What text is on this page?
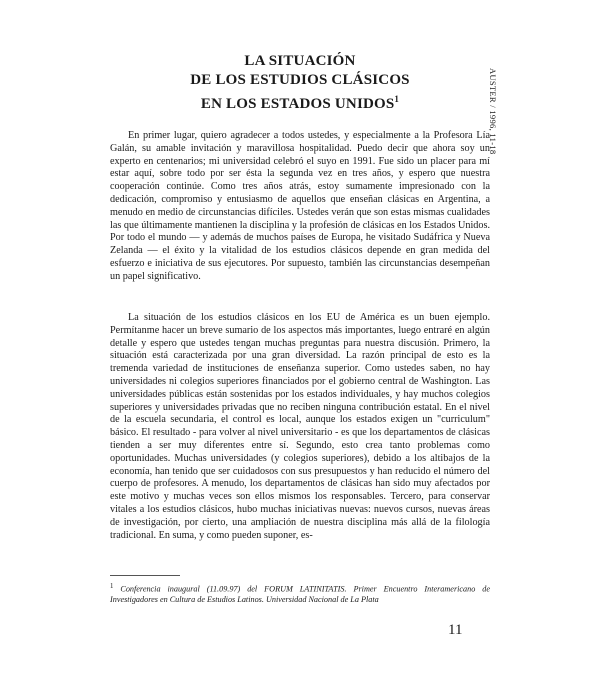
AUSTER / 1996, 11-18
LA SITUACIÓN
DE LOS ESTUDIOS CLÁSICOS
EN LOS ESTADOS UNIDOS$^1$

En primer lugar, quiero agradecer a todos ustedes, y especialmente a la Profesora Lía Galán, su amable invitación y maravillosa hospitalidad. Puedo decir que ahora soy un experto en centenarios; mi universidad celebró el suyo en 1991. Fue sido un placer para mí estar aquí, sobre todo por ser ésta la segunda vez en tres años, y espero que nuestra cooperación continúe. Como tres años atrás, estoy sumamente impresionado con la dedicación, compromiso y entusiasmo de aquellos que enseñan clásicas en Argentina, a menudo en medio de circunstancias difíciles. Ustedes verán que son estas mismas cualidades las que últimamente mantienen la disciplina y la profesión de clásicas en los Estados Unidos. Por todo el mundo — y además de muchos países de Europa, he visitado Sudáfrica y Nueva Zelanda — el éxito y la vitalidad de los estudios clásicos depende en gran medida del esfuerzo e iniciativa de sus ejecutores. Por supuesto, también las circunstancias desempeñan un papel significativo.

La situación de los estudios clásicos en los EU de América es un buen ejemplo. Permítanme hacer un breve sumario de los aspectos más importantes, luego entraré en algún detalle y espero que ustedes tengan muchas preguntas para nuestra discusión. Primero, la situación está caracterizada por una gran diversidad. La razón principal de esto es la tremenda variedad de instituciones de enseñanza superior. Como ustedes saben, no hay universidades ni colegios superiores financiados por el gobierno central de Washington. Las universidades públicas están sostenidas por los estados individuales, y hay muchos colegios superiores y universidades privadas que no reciben ninguna contribución estatal. En el nivel de la escuela secundaria, el control es local, aunque los estados exigen un "curriculum" básico. El resultado - para volver al nivel universitario - es que los departamentos de clásicas tienden a ser muy diferentes entre sí. Segundo, esto crea tanto problemas como oportunidades. Muchas universidades (y colegios superiores), debido a los altibajos de la economía, han tenido que ser cuidadosos con sus presupuestos y han reducido el número del cuerpo de profesores. A menudo, los departamentos de clásicas han sido muy afectados por este motivo y muchas veces son ellos mismos los responsables. Tercero, para conservar vitales a los estudios clásicos, hubo muchas iniciativas nuevas: nuevos cursos, nuevas áreas de investigación, por cierto, una ampliación de nuestra disciplina más allá de la filología tradicional. En suma, y como pueden suponer, es-

$^1$ Conferencia inaugural (11.09.97) del FORUM LATINITATIS. Primer Encuentro Interamericano de Investigadores en Cultura de Estudios Latinos. Universidad Nacional de La Plata
11
